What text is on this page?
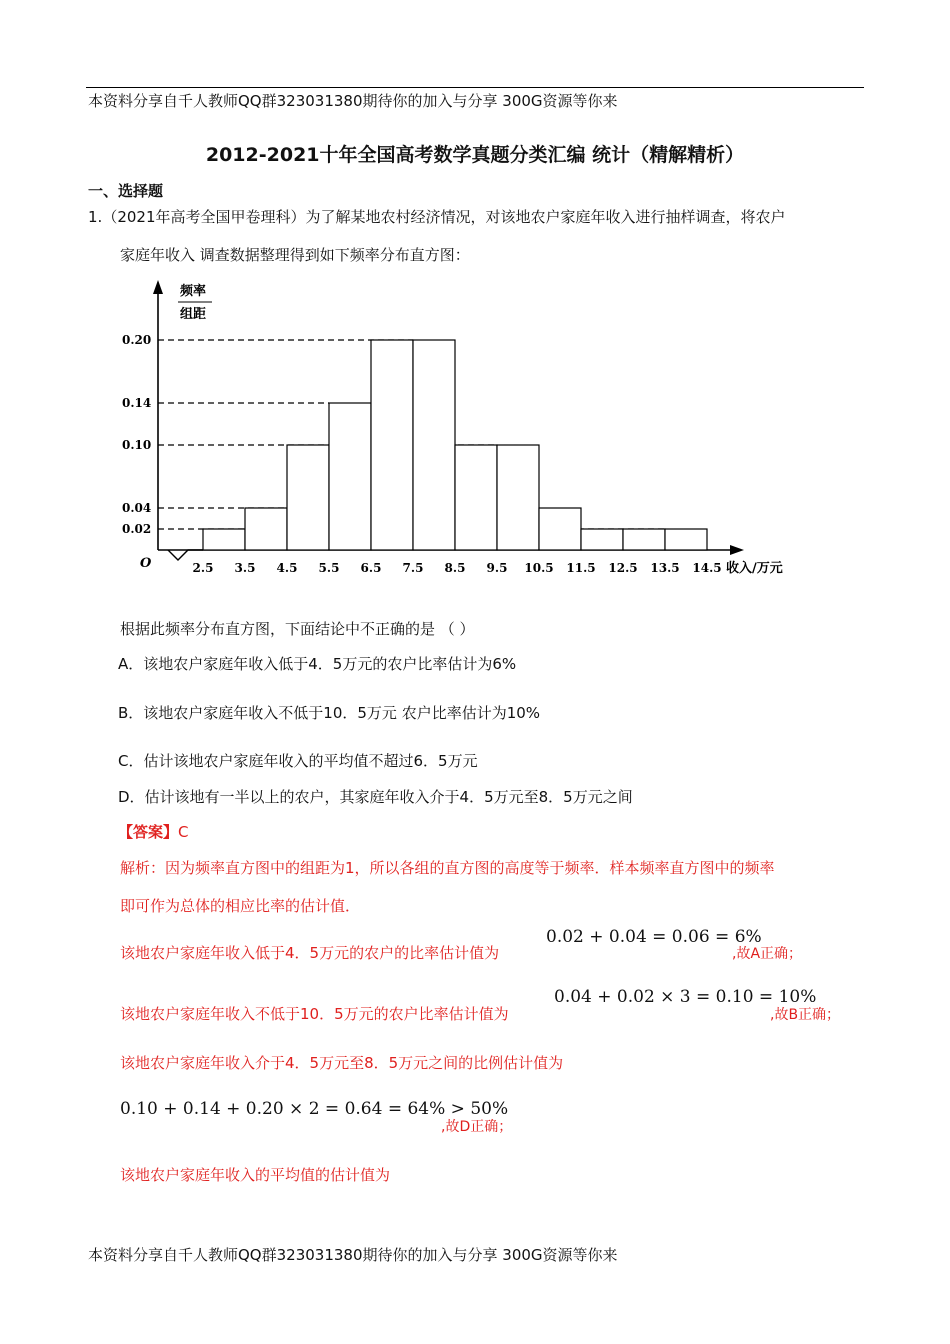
本资料分享自千人教师QQ群323031380期待你的加入与分享 300G资源等你来
2012-2021十年全国高考数学真题分类汇编 统计（精解精析）
一、选择题
1.（2021年高考全国甲卷理科）为了解某地农村经济情况，对该地农户家庭年收入进行抽样调查，将农户
家庭年收入 调查数据整理得到如下频率分布直方图：
频率
组距
0.20
0.14
0.10
0.04
0.02
2.5 3.5 4.5 5.5 6.5 7.5 8.5 9.5 10.5 11.5 12.5 13.5 14.5
O	收入/万元
根据此频率分布直方图，下面结论中不正确的是 （ ）
A．该地农户家庭年收入低于4．5万元的农户比率估计为6%
B．该地农户家庭年收入不低于10．5万元 农户比率估计为10%
C．估计该地农户家庭年收入的平均值不超过6．5万元
D．估计该地有一半以上的农户，其家庭年收入介于4．5万元至8．5万元之间
【答案】C
解析：因为频率直方图中的组距为1，所以各组的直方图的高度等于频率．样本频率直方图中的频率
即可作为总体的相应比率的估计值．
该地农户家庭年收入低于4．5万元的农户的比率估计值为
0.02 + 0.04 = 0.06 = 6%
,故A正确；
该地农户家庭年收入不低于10．5万元的农户比率估计值为
0.04 + 0.02 × 3 = 0.10 = 10%
,故B正确；
该地农户家庭年收入介于4．5万元至8．5万元之间的比例估计值为
0.10 + 0.14 + 0.20 × 2 = 0.64 = 64% > 50%
,故D正确；
该地农户家庭年收入的平均值的估计值为
本资料分享自千人教师QQ群323031380期待你的加入与分享 300G资源等你来
